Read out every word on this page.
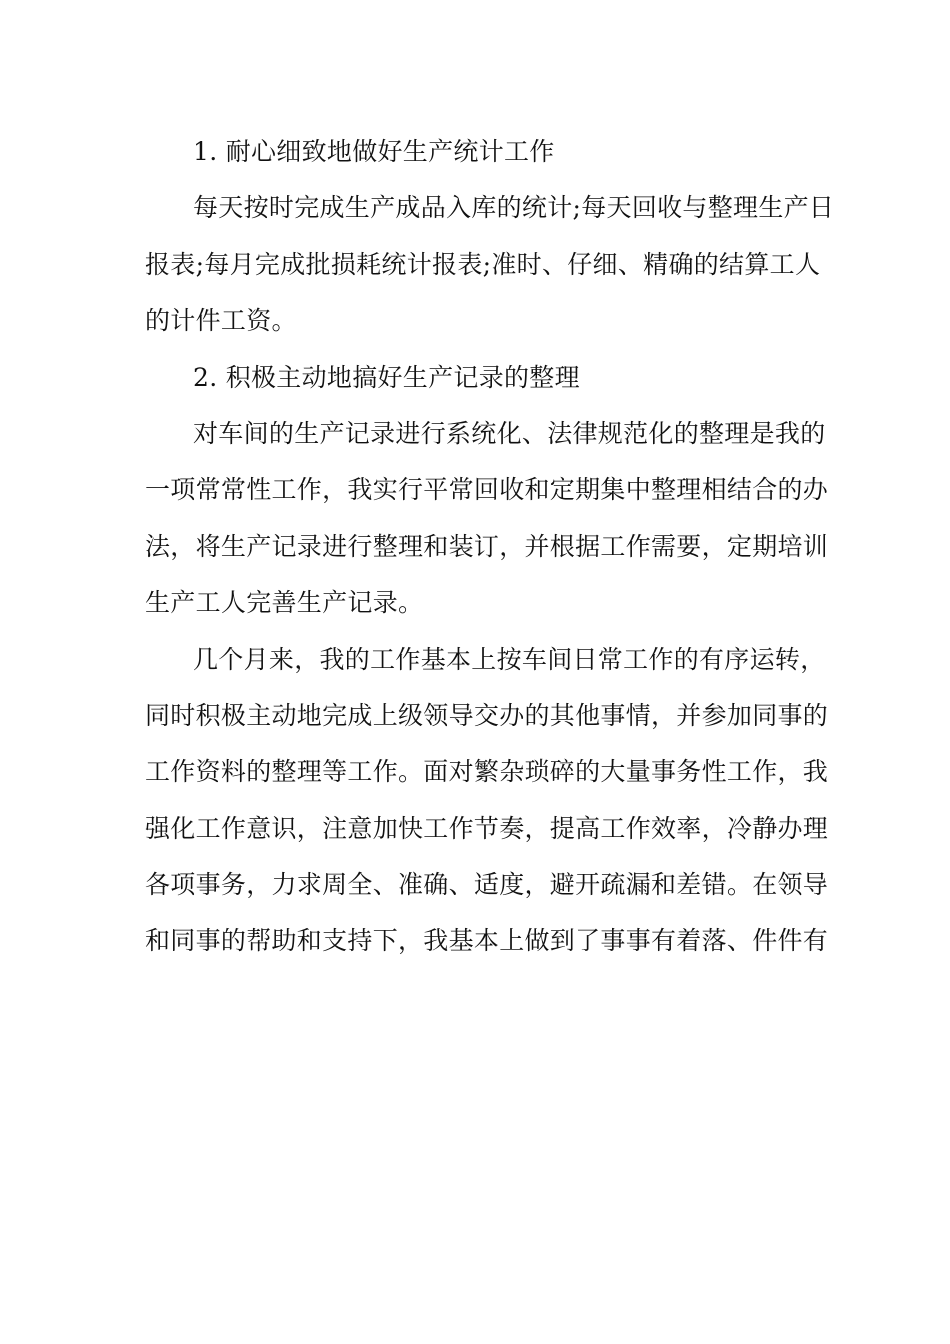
1. 耐心细致地做好生产统计工作
每天按时完成生产成品入库的统计;每天回收与整理生产日
报表;每月完成批损耗统计报表;准时、仔细、精确的结算工人
的计件工资。
2. 积极主动地搞好生产记录的整理
对车间的生产记录进行系统化、法律规范化的整理是我的
一项常常性工作，我实行平常回收和定期集中整理相结合的办
法，将生产记录进行整理和装订，并根据工作需要，定期培训
生产工人完善生产记录。
几个月来，我的工作基本上按车间日常工作的有序运转，
同时积极主动地完成上级领导交办的其他事情，并参加同事的
工作资料的整理等工作。面对繁杂琐碎的大量事务性工作，我
强化工作意识，注意加快工作节奏，提高工作效率，冷静办理
各项事务，力求周全、准确、适度，避开疏漏和差错。在领导
和同事的帮助和支持下，我基本上做到了事事有着落、件件有
